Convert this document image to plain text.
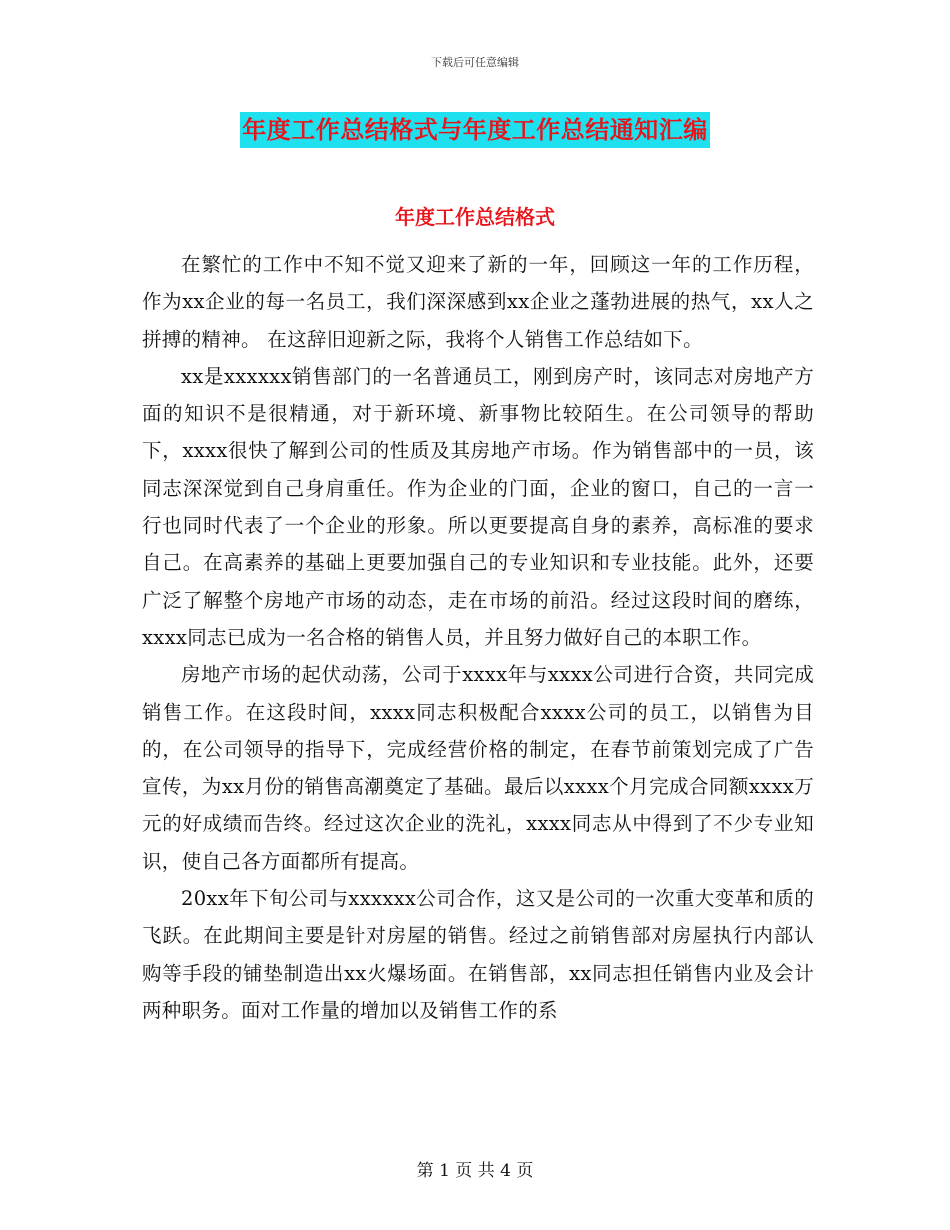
下载后可任意编辑
年度工作总结格式与年度工作总结通知汇编
年度工作总结格式

在繁忙的工作中不知不觉又迎来了新的一年，回顾这一年的工作历程，作为xx企业的每一名员工，我们深深感到xx企业之蓬勃进展的热气，xx人之拼搏的精神。 在这辞旧迎新之际，我将个人销售工作总结如下。

xx是xxxxxx销售部门的一名普通员工，刚到房产时，该同志对房地产方面的知识不是很精通，对于新环境、新事物比较陌生。在公司领导的帮助下，xxxx很快了解到公司的性质及其房地产市场。作为销售部中的一员，该同志深深觉到自己身肩重任。作为企业的门面，企业的窗口，自己的一言一行也同时代表了一个企业的形象。所以更要提高自身的素养，高标准的要求自己。在高素养的基础上更要加强自己的专业知识和专业技能。此外，还要广泛了解整个房地产市场的动态，走在市场的前沿。经过这段时间的磨练，xxxx同志已成为一名合格的销售人员，并且努力做好自己的本职工作。

房地产市场的起伏动荡，公司于xxxx年与xxxx公司进行合资，共同完成销售工作。在这段时间，xxxx同志积极配合xxxx公司的员工，以销售为目的，在公司领导的指导下，完成经营价格的制定，在春节前策划完成了广告宣传，为xx月份的销售高潮奠定了基础。最后以xxxx个月完成合同额xxxx万元的好成绩而告终。经过这次企业的洗礼，xxxx同志从中得到了不少专业知识，使自己各方面都所有提高。

20xx年下旬公司与xxxxxx公司合作，这又是公司的一次重大变革和质的飞跃。在此期间主要是针对房屋的销售。经过之前销售部对房屋执行内部认购等手段的铺垫制造出xx火爆场面。在销售部，xx同志担任销售内业及会计两种职务。面对工作量的增加以及销售工作的系

第 1 页 共 4 页
